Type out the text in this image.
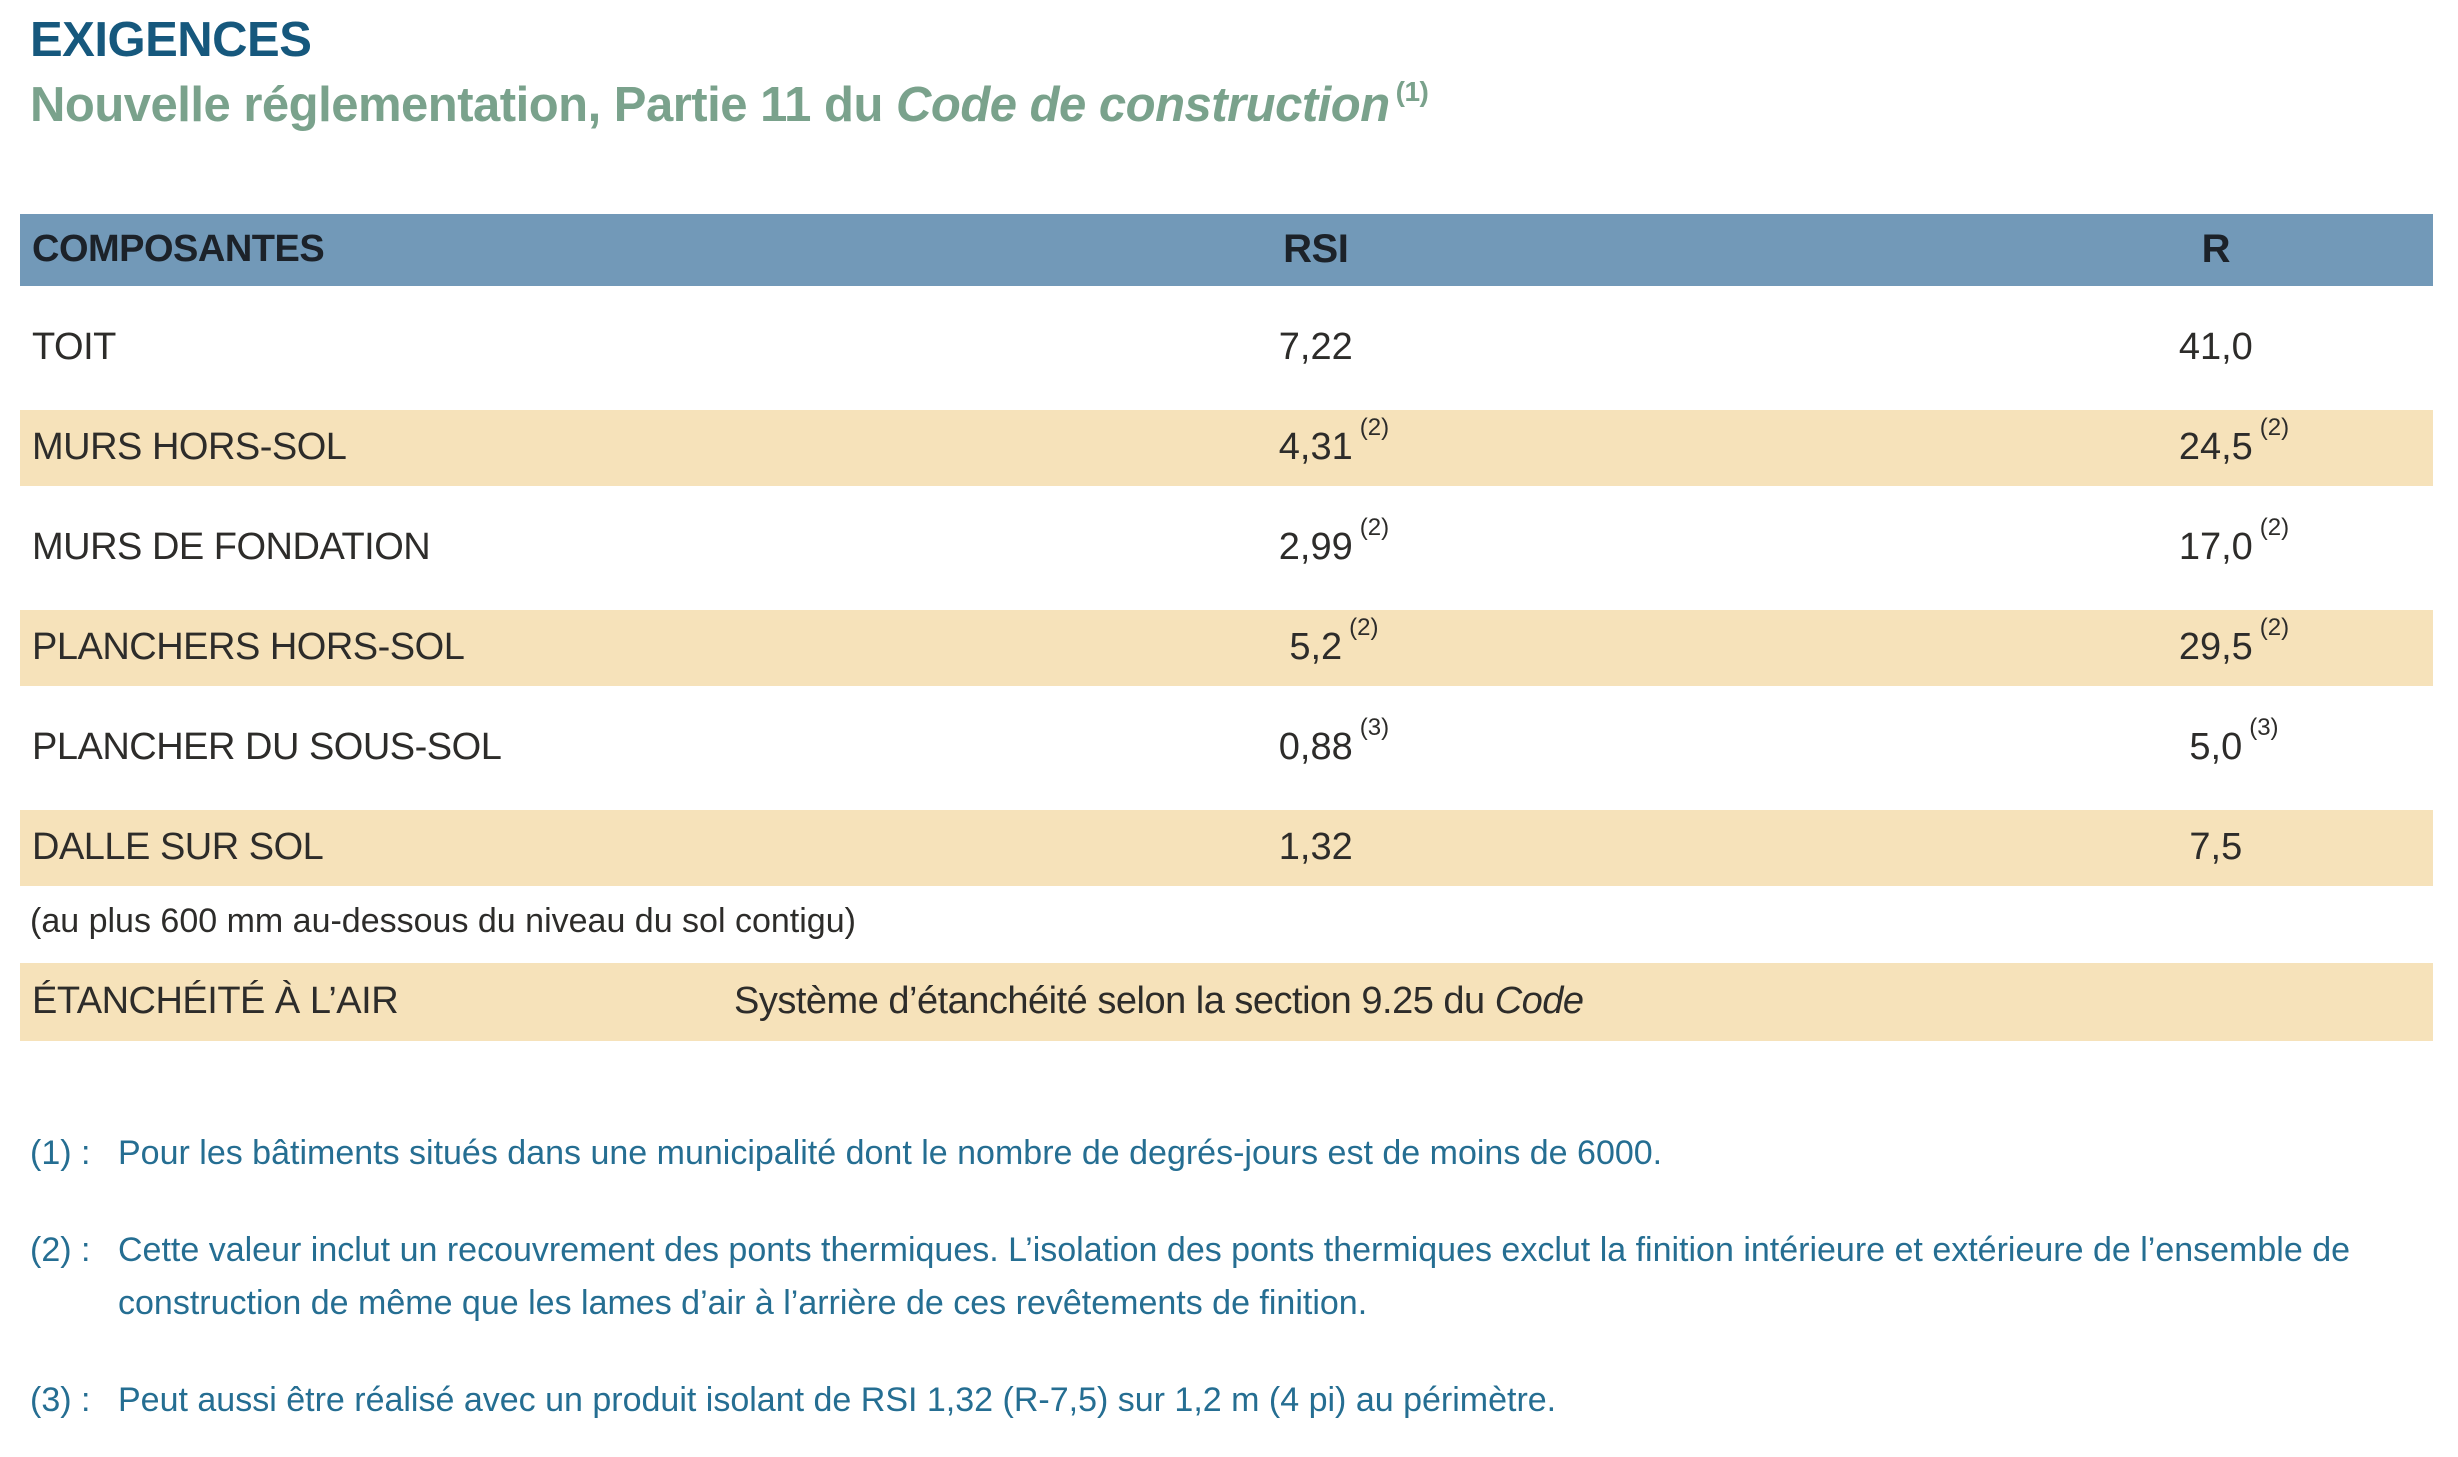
EXIGENCES
Nouvelle réglementation, Partie 11 du Code de construction $^{(1)}$
COMPOSANTES	RSI	R
TOIT	7,22	41,0
MURS HORS-SOL	4,31 (2)	24,5 (2)
MURS DE FONDATION	2,99 (2)	17,0 (2)
PLANCHERS HORS-SOL	5,2 (2)	29,5 (2)
PLANCHER DU SOUS-SOL	0,88 (3)	5,0 (3)
DALLE SUR SOL	1,32	7,5
(au plus 600 mm au-dessous du niveau du sol contigu)
ÉTANCHÉITÉ À L’AIR	Système d’étanchéité selon la section 9.25 du Code
(1) : Pour les bâtiments situés dans une municipalité dont le nombre de degrés-jours est de moins de 6000.
(2) : Cette valeur inclut un recouvrement des ponts thermiques. L’isolation des ponts thermiques exclut la finition intérieure et extérieure de l’ensemble de construction de même que les lames d’air à l’arrière de ces revêtements de finition.
(3) : Peut aussi être réalisé avec un produit isolant de RSI 1,32 (R-7,5) sur 1,2 m (4 pi) au périmètre.
